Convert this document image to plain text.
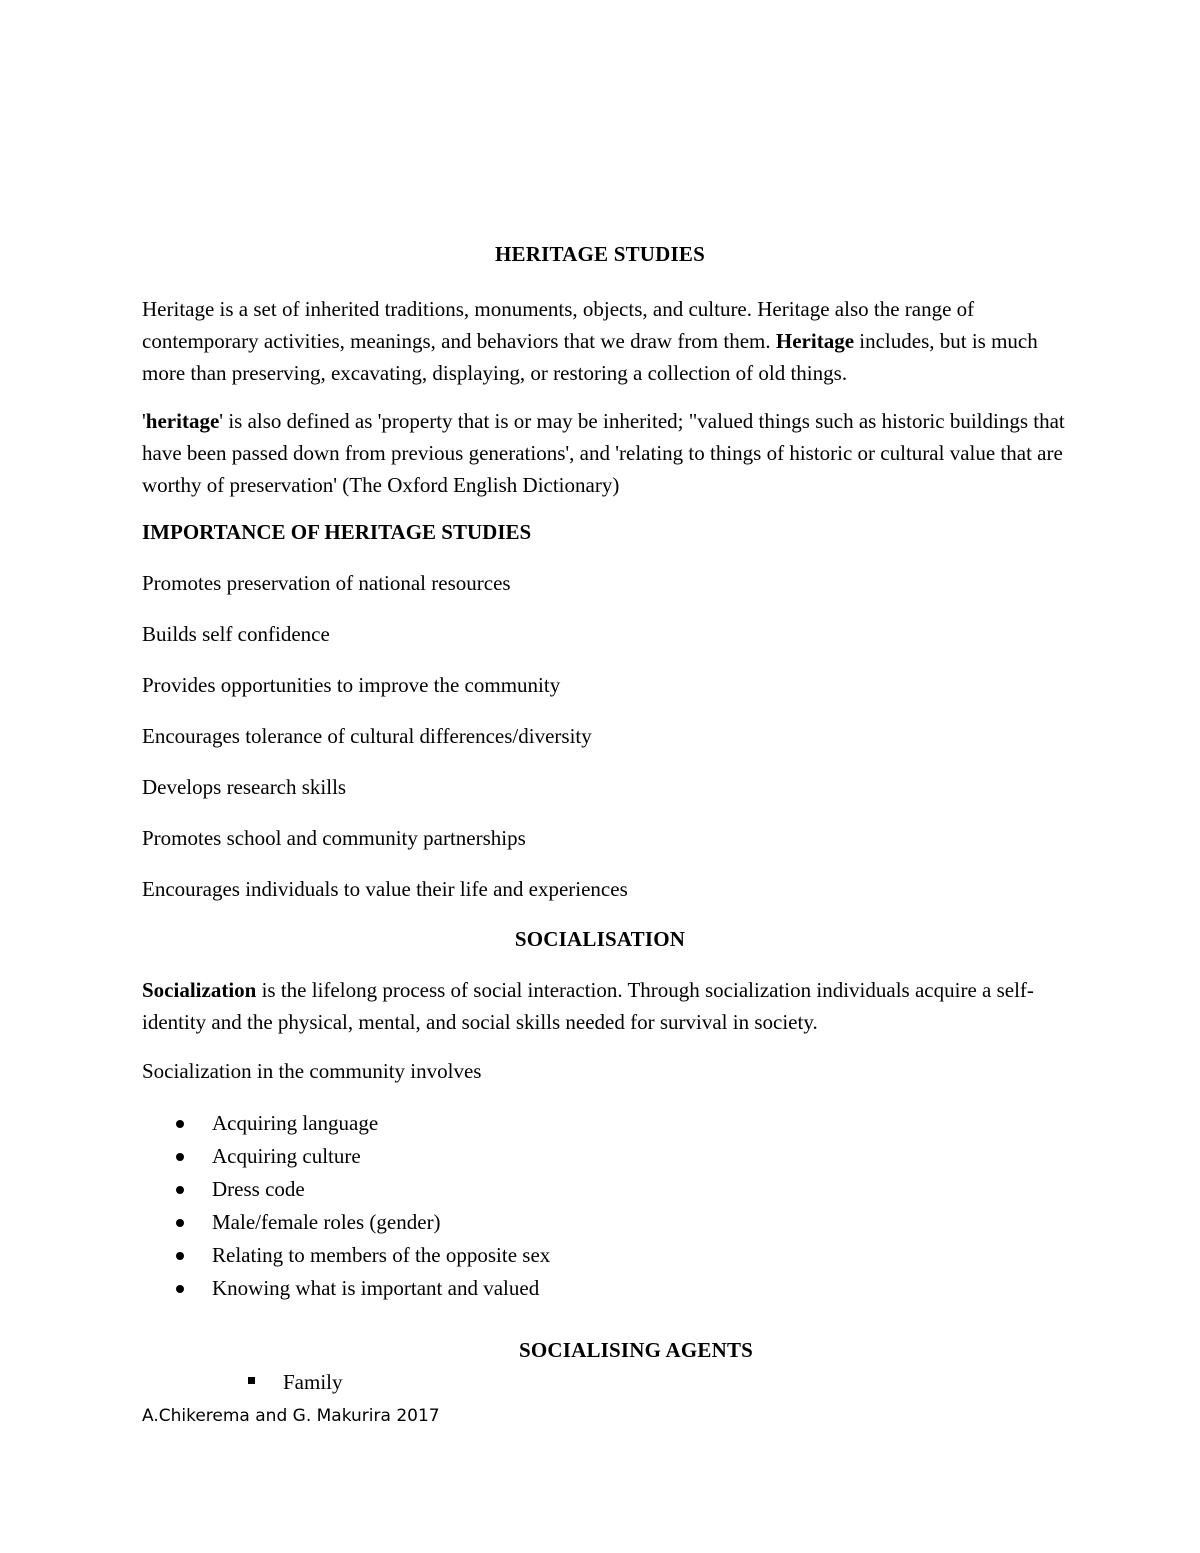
HERITAGE STUDIES
Heritage is a set of inherited traditions, monuments, objects, and culture. Heritage also the range of contemporary activities, meanings, and behaviors that we draw from them. Heritage includes, but is much more than preserving, excavating, displaying, or restoring a collection of old things.
'heritage' is also defined as 'property that is or may be inherited; "valued things such as historic buildings that have been passed down from previous generations', and 'relating to things of historic or cultural value that are worthy of preservation' (The Oxford English Dictionary)
IMPORTANCE OF HERITAGE STUDIES
Promotes preservation of national resources
Builds self confidence
Provides opportunities to improve the community
Encourages tolerance of cultural differences/diversity
Develops research skills
Promotes school and community partnerships
Encourages individuals to value their life and experiences
SOCIALISATION
Socialization is the lifelong process of social interaction. Through socialization individuals acquire a self-identity and the physical, mental, and social skills needed for survival in society.
Socialization in the community involves
Acquiring language
Acquiring culture
Dress code
Male/female roles (gender)
Relating to members of the opposite sex
Knowing what is important and valued
SOCIALISING AGENTS
Family
A.Chikerema and G. Makurira 2017
